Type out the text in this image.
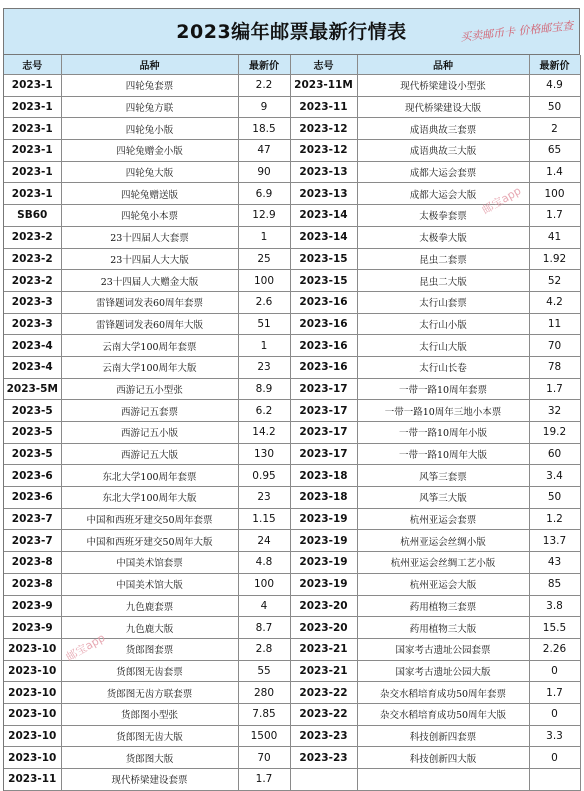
2023编年邮票最新行情表	买卖邮币卡 价格邮宝查
志号	品种	最新价	志号	品种	最新价
2023-1	四轮兔套票	2.2	2023-11M	现代桥梁建设小型张	4.9
2023-1	四轮兔方联	9	2023-11	现代桥梁建设大版	50
2023-1	四轮兔小版	18.5	2023-12	成语典故三套票	2
2023-1	四轮兔赠金小版	47	2023-12	成语典故三大版	65
2023-1	四轮兔大版	90	2023-13	成都大运会套票	1.4
2023-1	四轮兔赠送版	6.9	2023-13	成都大运会大版	100
SB60	四轮兔小本票	12.9	2023-14	太极拳套票	1.7
2023-2	23十四届人大套票	1	2023-14	太极拳大版	41
2023-2	23十四届人大大版	25	2023-15	昆虫二套票	1.92
2023-2	23十四届人大赠金大版	100	2023-15	昆虫二大版	52
2023-3	雷锋题词发表60周年套票	2.6	2023-16	太行山套票	4.2
2023-3	雷锋题词发表60周年大版	51	2023-16	太行山小版	11
2023-4	云南大学100周年套票	1	2023-16	太行山大版	70
2023-4	云南大学100周年大版	23	2023-16	太行山长卷	78
2023-5M	西游记五小型张	8.9	2023-17	一带一路10周年套票	1.7
2023-5	西游记五套票	6.2	2023-17	一带一路10周年三地小本票	32
2023-5	西游记五小版	14.2	2023-17	一带一路10周年小版	19.2
2023-5	西游记五大版	130	2023-17	一带一路10周年大版	60
2023-6	东北大学100周年套票	0.95	2023-18	风筝三套票	3.4
2023-6	东北大学100周年大版	23	2023-18	风筝三大版	50
2023-7	中国和西班牙建交50周年套票	1.15	2023-19	杭州亚运会套票	1.2
2023-7	中国和西班牙建交50周年大版	24	2023-19	杭州亚运会丝绸小版	13.7
2023-8	中国美术馆套票	4.8	2023-19	杭州亚运会丝绸工艺小版	43
2023-8	中国美术馆大版	100	2023-19	杭州亚运会大版	85
2023-9	九色鹿套票	4	2023-20	药用植物三套票	3.8
2023-9	九色鹿大版	8.7	2023-20	药用植物三大版	15.5
2023-10	货郎图套票	2.8	2023-21	国家考古遗址公园套票	2.26
2023-10	货郎图无齿套票	55	2023-21	国家考古遗址公园大版	0
2023-10	货郎图无齿方联套票	280	2023-22	杂交水稻培育成功50周年套票	1.7
2023-10	货郎图小型张	7.85	2023-22	杂交水稻培育成功50周年大版	0
2023-10	货郎图无齿大版	1500	2023-23	科技创新四套票	3.3
2023-10	货郎图大版	70	2023-23	科技创新四大版	0
2023-11	现代桥梁建设套票	1.7			
邮宝app
邮宝app
